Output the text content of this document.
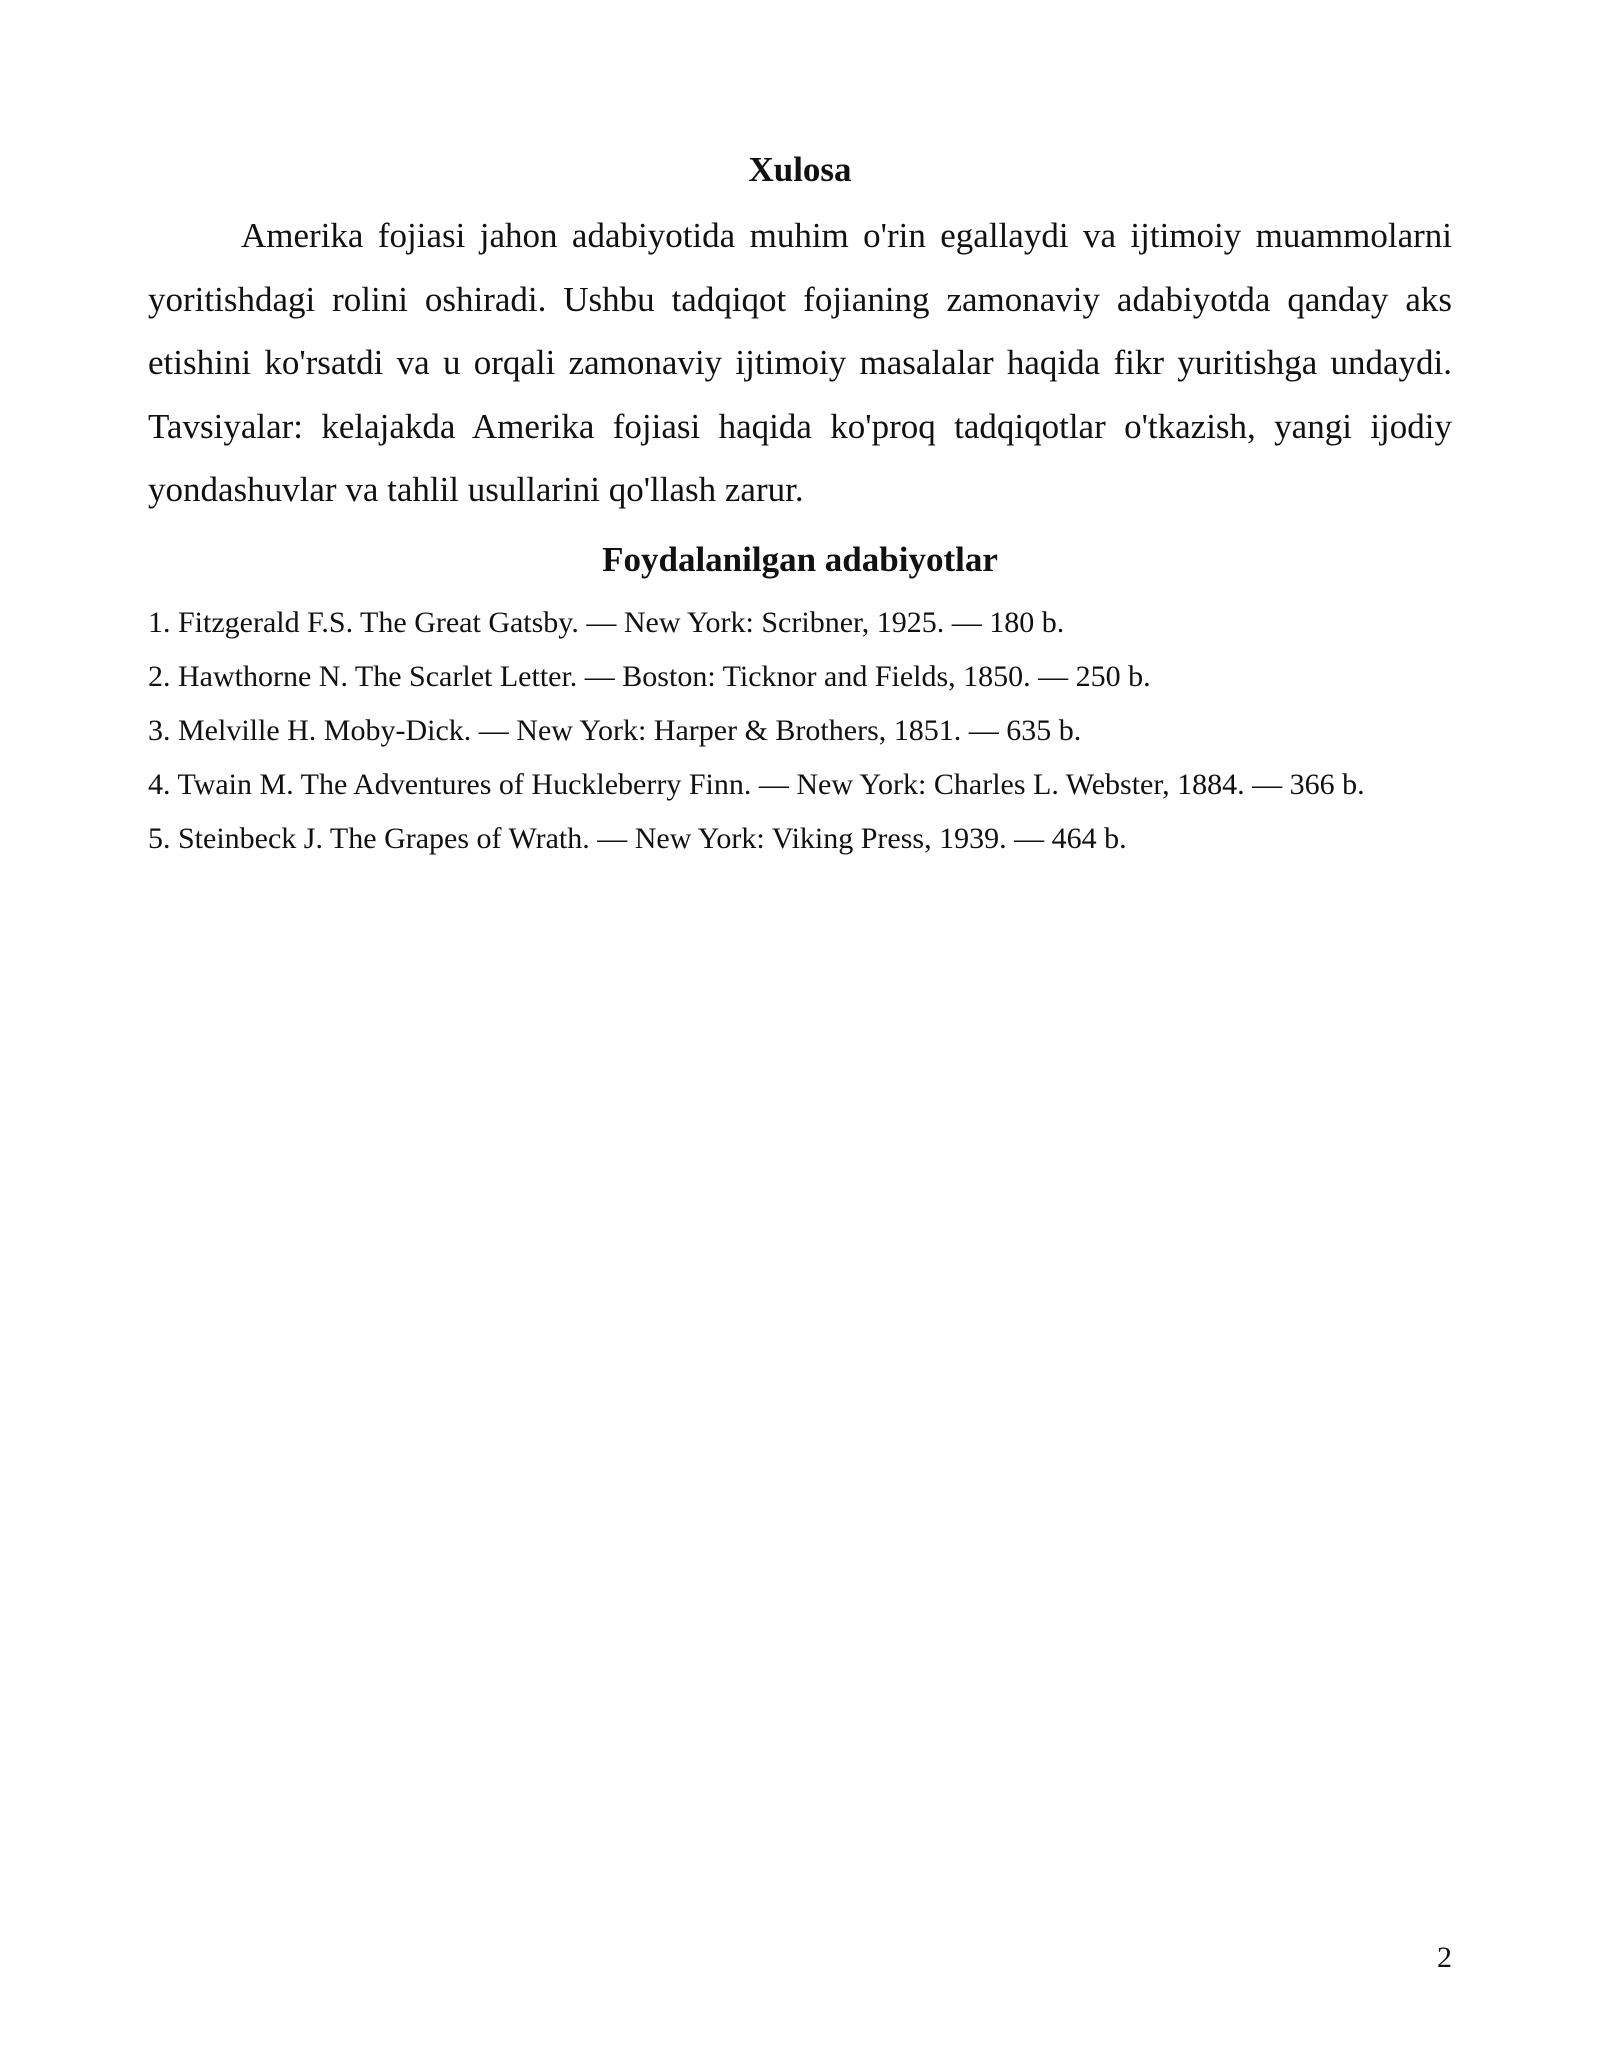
Xulosa

Amerika fojiasi jahon adabiyotida muhim o'rin egallaydi va ijtimoiy muammolarni yoritishdagi rolini oshiradi. Ushbu tadqiqot fojianing zamonaviy adabiyotda qanday aks etishini ko'rsatdi va u orqali zamonaviy ijtimoiy masalalar haqida fikr yuritishga undaydi. Tavsiyalar: kelajakda Amerika fojiasi haqida ko'proq tadqiqotlar o'tkazish, yangi ijodiy yondashuvlar va tahlil usullarini qo'llash zarur.

Foydalanilgan adabiyotlar
1. Fitzgerald F.S. The Great Gatsby. — New York: Scribner, 1925. — 180 b.
2. Hawthorne N. The Scarlet Letter. — Boston: Ticknor and Fields, 1850. — 250 b.
3. Melville H. Moby-Dick. — New York: Harper & Brothers, 1851. — 635 b.
4. Twain M. The Adventures of Huckleberry Finn. — New York: Charles L. Webster, 1884. — 366 b.
5. Steinbeck J. The Grapes of Wrath. — New York: Viking Press, 1939. — 464 b.
2
